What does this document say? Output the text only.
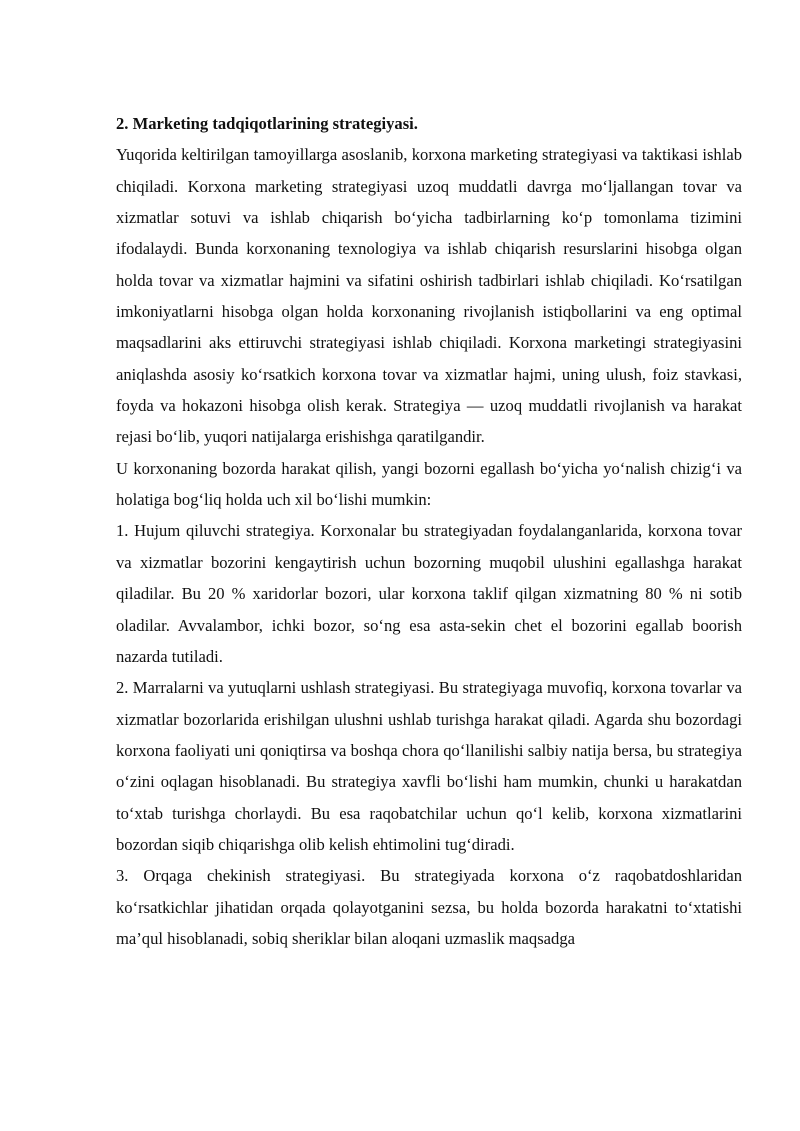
2. Marketing tadqiqotlarining strategiyasi.

Yuqorida keltirilgan tamoyillarga asoslanib, korxona marketing strategiyasi va taktikasi ishlab chiqiladi. Korxona marketing strategiyasi uzoq muddatli davrga mo‘ljallangan tovar va xizmatlar sotuvi va ishlab chiqarish bo‘yicha tadbirlarning ko‘p tomonlama tizimini ifodalaydi. Bunda korxonaning texnologiya va ishlab chiqarish resurslarini hisobga olgan holda tovar va xizmatlar hajmini va sifatini oshirish tadbirlari ishlab chiqiladi. Ko‘rsatilgan imkoniyatlarni hisobga olgan holda korxonaning rivojlanish istiqbollarini va eng optimal maqsadlarini aks ettiruvchi strategiyasi ishlab chiqiladi. Korxona marketingi strategiyasini aniqlashda asosiy ko‘rsatkich korxona tovar va xizmatlar hajmi, uning ulush, foiz stavkasi, foyda va hokazoni hisobga olish kerak. Strategiya — uzoq muddatli rivojlanish va harakat rejasi bo‘lib, yuqori natijalarga erishishga qaratilgandir.

U korxonaning bozorda harakat qilish, yangi bozorni egallash bo‘yicha yo‘nalish chizig‘i va holatiga bog‘liq holda uch xil bo‘lishi mumkin:

1. Hujum qiluvchi strategiya. Korxonalar bu strategiyadan foydalanganlarida, korxona tovar va xizmatlar bozorini kengaytirish uchun bozorning muqobil ulushini egallashga harakat qiladilar. Bu 20 % xaridorlar bozori, ular korxona taklif qilgan xizmatning 80 % ni sotib oladilar. Avvalambor, ichki bozor, so‘ng esa asta-sekin chet el bozorini egallab boorish nazarda tutiladi.

2. Marralarni va yutuqlarni ushlash strategiyasi. Bu strategiyaga muvofiq, korxona tovarlar va xizmatlar bozorlarida erishilgan ulushni ushlab turishga harakat qiladi. Agarda shu bozordagi korxona faoliyati uni qoniqtirsa va boshqa chora qo‘llanilishi salbiy natija bersa, bu strategiya o‘zini oqlagan hisoblanadi. Bu strategiya xavfli bo‘lishi ham mumkin, chunki u harakatdan to‘xtab turishga chorlaydi. Bu esa raqobatchilar uchun qo‘l kelib, korxona xizmatlarini bozordan siqib chiqarishga olib kelish ehtimolini tug‘diradi.

3. Orqaga chekinish strategiyasi. Bu strategiyada korxona o‘z raqobatdoshlaridan ko‘rsatkichlar jihatidan orqada qolayotganini sezsa, bu holda bozorda harakatni to‘xtatishi ma’qul hisoblanadi, sobiq sheriklar bilan aloqani uzmaslik maqsadga
